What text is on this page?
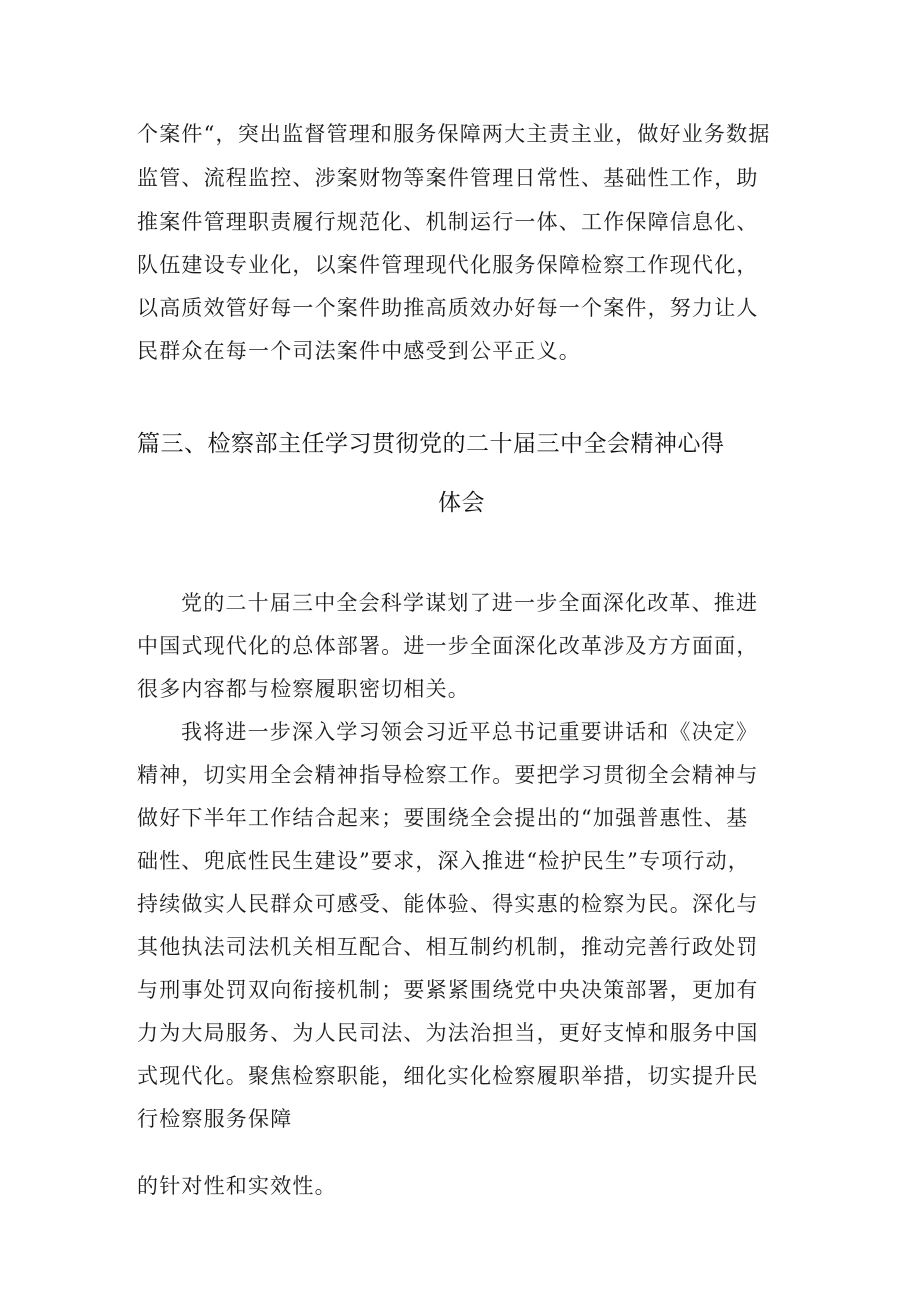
个案件“，突出监督管理和服务保障两大主责主业，做好业务数据
监管、流程监控、涉案财物等案件管理日常性、基础性工作，助
推案件管理职责履行规范化、机制运行一体、工作保障信息化、
队伍建设专业化，以案件管理现代化服务保障检察工作现代化，
以高质效管好每一个案件助推高质效办好每一个案件，努力让人
民群众在每一个司法案件中感受到公平正义。
篇三、检察部主任学习贯彻党的二十届三中全会精神心得
体会
党的二十届三中全会科学谋划了进一步全面深化改革、推进
中国式现代化的总体部署。进一步全面深化改革涉及方方面面，
很多内容都与检察履职密切相关。
我将进一步深入学习领会习近平总书记重要讲话和《决定》
精神，切实用全会精神指导检察工作。要把学习贯彻全会精神与
做好下半年工作结合起来；要围绕全会提出的“加强普惠性、基
础性、兜底性民生建设”要求，深入推进“检护民生”专项行动，
持续做实人民群众可感受、能体验、得实惠的检察为民。深化与
其他执法司法机关相互配合、相互制约机制，推动完善行政处罚
与刑事处罚双向衔接机制；要紧紧围绕党中央决策部署，更加有
力为大局服务、为人民司法、为法治担当，更好支悼和服务中国
式现代化。聚焦检察职能，细化实化检察履职举措，切实提升民
行检察服务保障
的针对性和实效性。
